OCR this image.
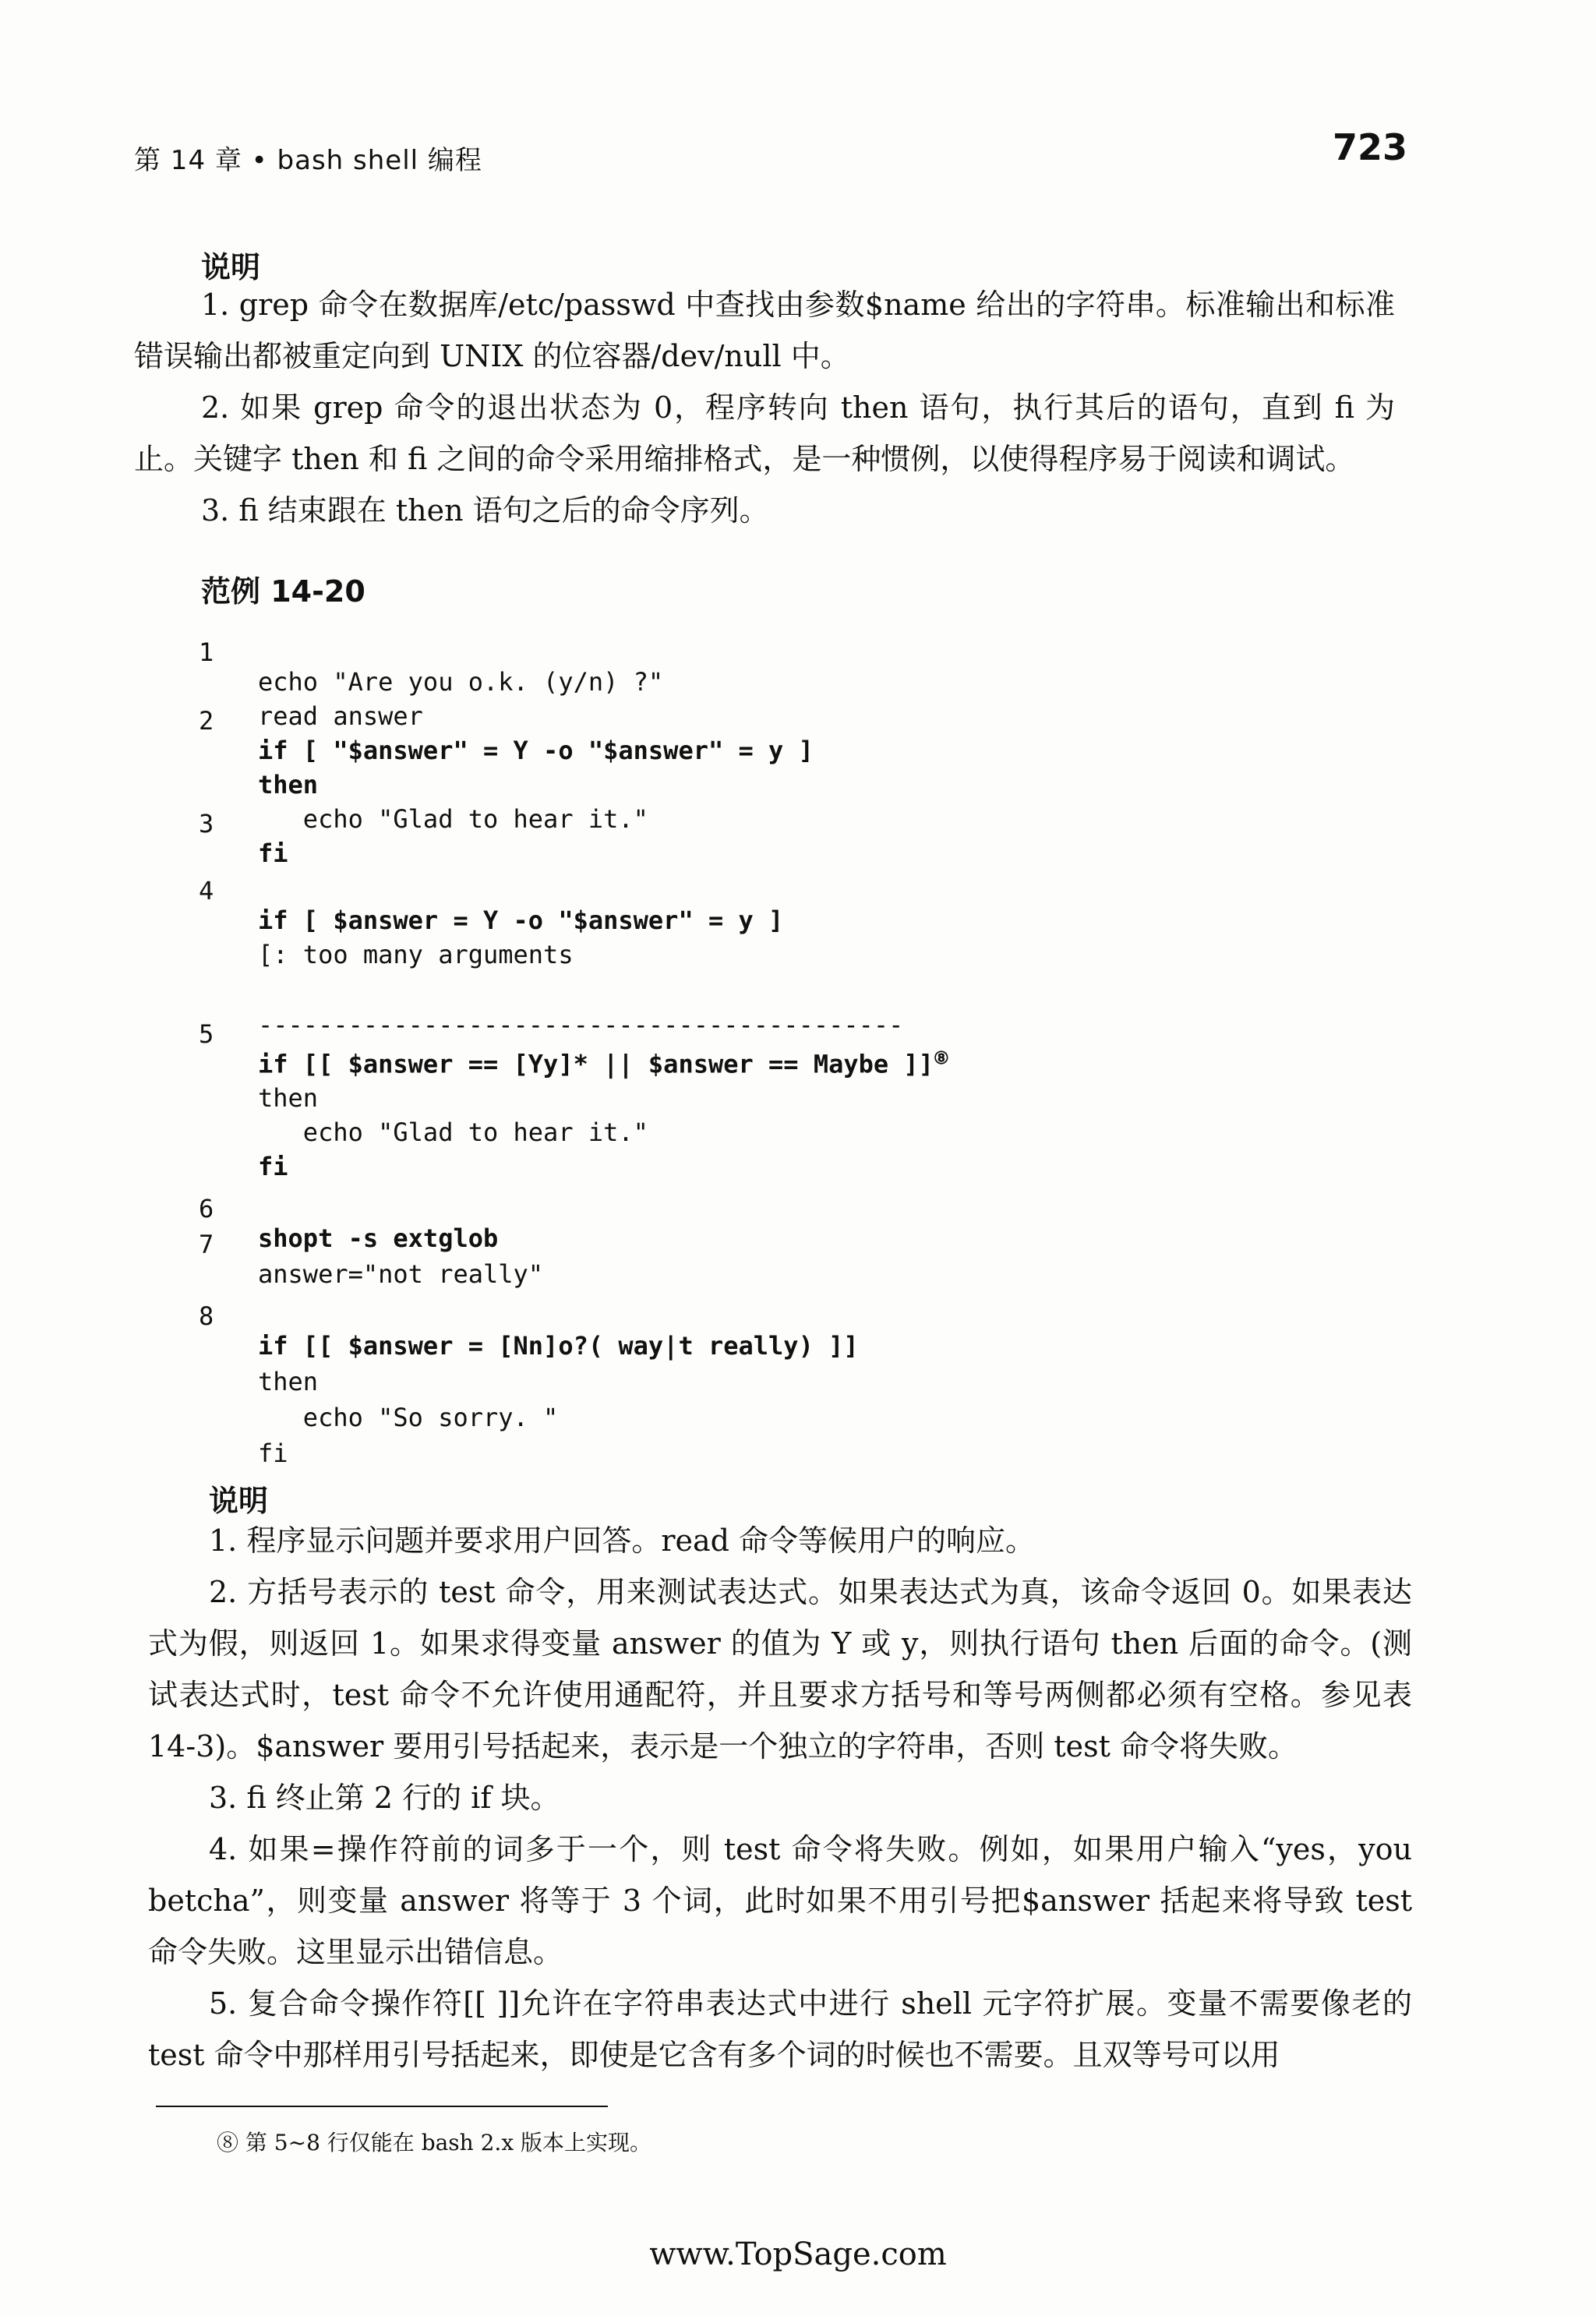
第 14 章 • bash shell 编程	723
说明

1. grep 命令在数据库/etc/passwd 中查找由参数$name 给出的字符串。标准输出和标准错误输出都被重定向到 UNIX 的位容器/dev/null 中。

2. 如果 grep 命令的退出状态为 0，程序转向 then 语句，执行其后的语句，直到 fi 为止。关键字 then 和 fi 之间的命令采用缩排格式，是一种惯例，以使得程序易于阅读和调试。

3. fi 结束跟在 then 语句之后的命令序列。

范例 14-20

1

echo "Are you o.k. (y/n) ?"

read answer

2

if [ "$answer" = Y -o "$answer" = y ]

then

echo "Glad to hear it."

3

fi

4

if [ $answer = Y -o "$answer" = y ]

[: too many arguments

-------------------------------------------

5

if [[ $answer == [Yy]* || $answer == Maybe ]]⑧

then

echo "Glad to hear it."

fi

6

shopt -s extglob

7

answer="not really"

8

if [[ $answer = [Nn]o?( way|t really) ]]

then

echo "So sorry. "

fi

说明

1. 程序显示问题并要求用户回答。read 命令等候用户的响应。

2. 方括号表示的 test 命令，用来测试表达式。如果表达式为真，该命令返回 0。如果表达式为假，则返回 1。如果求得变量 answer 的值为 Y 或 y，则执行语句 then 后面的命令。(测试表达式时，test 命令不允许使用通配符，并且要求方括号和等号两侧都必须有空格。参见表 14-3)。$answer 要用引号括起来，表示是一个独立的字符串，否则 test 命令将失败。

3. fi 终止第 2 行的 if 块。

4. 如果=操作符前的词多于一个，则 test 命令将失败。例如，如果用户输入“yes，you betcha”，则变量 answer 将等于 3 个词，此时如果不用引号把$answer 括起来将导致 test 命令失败。这里显示出错信息。

5. 复合命令操作符[[ ]]允许在字符串表达式中进行 shell 元字符扩展。变量不需要像老的 test 命令中那样用引号括起来，即使是它含有多个词的时候也不需要。且双等号可以用

⑧ 第 5~8 行仅能在 bash 2.x 版本上实现。
www.TopSage.com
